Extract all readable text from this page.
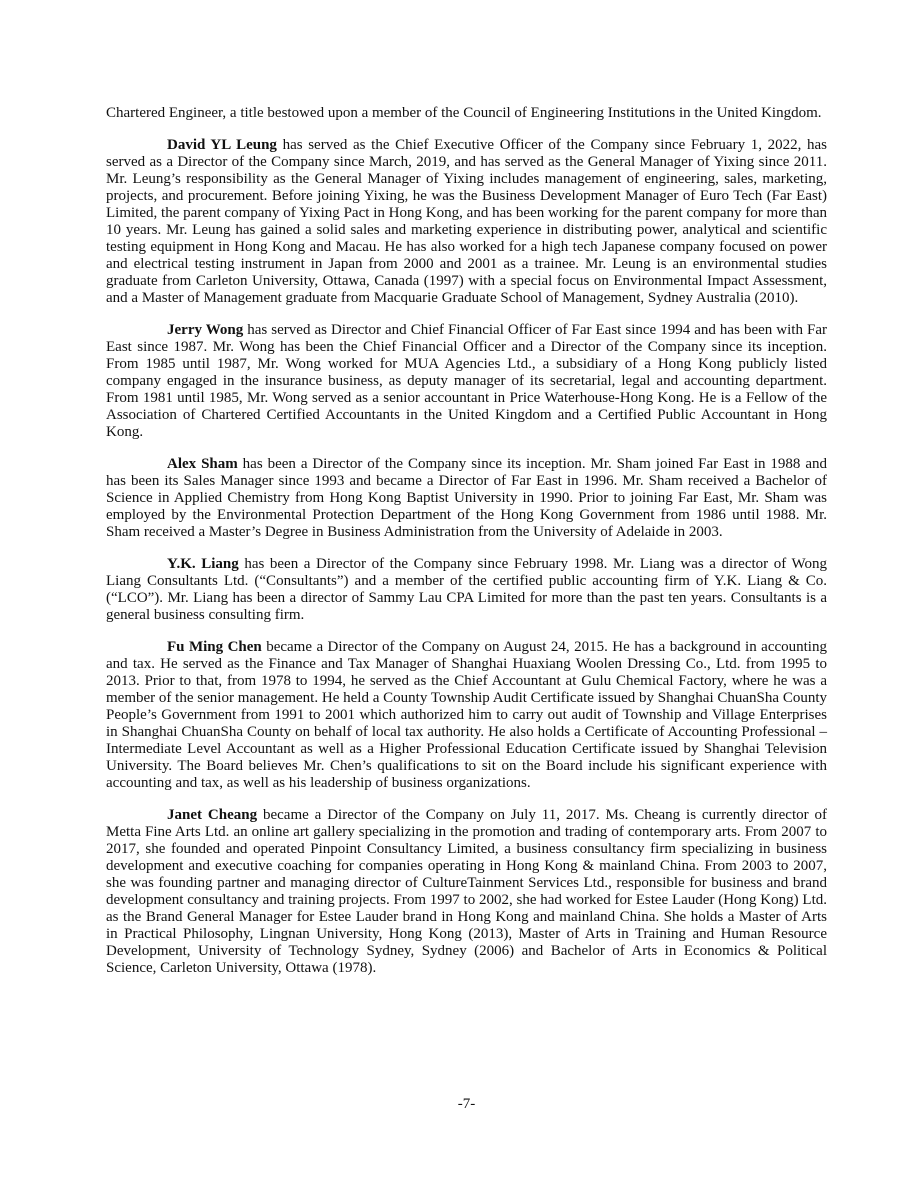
Chartered Engineer, a title bestowed upon a member of the Council of Engineering Institutions in the United Kingdom.

David YL Leung has served as the Chief Executive Officer of the Company since February 1, 2022, has served as a Director of the Company since March, 2019, and has served as the General Manager of Yixing since 2011. Mr. Leung’s responsibility as the General Manager of Yixing includes management of engineering, sales, marketing, projects, and procurement. Before joining Yixing, he was the Business Development Manager of Euro Tech (Far East) Limited, the parent company of Yixing Pact in Hong Kong, and has been working for the parent company for more than 10 years. Mr. Leung has gained a solid sales and marketing experience in distributing power, analytical and scientific testing equipment in Hong Kong and Macau. He has also worked for a high tech Japanese company focused on power and electrical testing instrument in Japan from 2000 and 2001 as a trainee. Mr. Leung is an environmental studies graduate from Carleton University, Ottawa, Canada (1997) with a special focus on Environmental Impact Assessment, and a Master of Management graduate from Macquarie Graduate School of Management, Sydney Australia (2010).

Jerry Wong has served as Director and Chief Financial Officer of Far East since 1994 and has been with Far East since 1987. Mr. Wong has been the Chief Financial Officer and a Director of the Company since its inception. From 1985 until 1987, Mr. Wong worked for MUA Agencies Ltd., a subsidiary of a Hong Kong publicly listed company engaged in the insurance business, as deputy manager of its secretarial, legal and accounting department. From 1981 until 1985, Mr. Wong served as a senior accountant in Price Waterhouse-Hong Kong. He is a Fellow of the Association of Chartered Certified Accountants in the United Kingdom and a Certified Public Accountant in Hong Kong.

Alex Sham has been a Director of the Company since its inception. Mr. Sham joined Far East in 1988 and has been its Sales Manager since 1993 and became a Director of Far East in 1996. Mr. Sham received a Bachelor of Science in Applied Chemistry from Hong Kong Baptist University in 1990. Prior to joining Far East, Mr. Sham was employed by the Environmental Protection Department of the Hong Kong Government from 1986 until 1988. Mr. Sham received a Master’s Degree in Business Administration from the University of Adelaide in 2003.

Y.K. Liang has been a Director of the Company since February 1998. Mr. Liang was a director of Wong Liang Consultants Ltd. (“Consultants”) and a member of the certified public accounting firm of Y.K. Liang & Co. (“LCO”). Mr. Liang has been a director of Sammy Lau CPA Limited for more than the past ten years. Consultants is a general business consulting firm.

Fu Ming Chen became a Director of the Company on August 24, 2015. He has a background in accounting and tax. He served as the Finance and Tax Manager of Shanghai Huaxiang Woolen Dressing Co., Ltd. from 1995 to 2013. Prior to that, from 1978 to 1994, he served as the Chief Accountant at Gulu Chemical Factory, where he was a member of the senior management. He held a County Township Audit Certificate issued by Shanghai ChuanSha County People’s Government from 1991 to 2001 which authorized him to carry out audit of Township and Village Enterprises in Shanghai ChuanSha County on behalf of local tax authority. He also holds a Certificate of Accounting Professional – Intermediate Level Accountant as well as a Higher Professional Education Certificate issued by Shanghai Television University. The Board believes Mr. Chen’s qualifications to sit on the Board include his significant experience with accounting and tax, as well as his leadership of business organizations.

Janet Cheang became a Director of the Company on July 11, 2017. Ms. Cheang is currently director of Metta Fine Arts Ltd. an online art gallery specializing in the promotion and trading of contemporary arts. From 2007 to 2017, she founded and operated Pinpoint Consultancy Limited, a business consultancy firm specializing in business development and executive coaching for companies operating in Hong Kong & mainland China. From 2003 to 2007, she was founding partner and managing director of CultureTainment Services Ltd., responsible for business and brand development consultancy and training projects. From 1997 to 2002, she had worked for Estee Lauder (Hong Kong) Ltd. as the Brand General Manager for Estee Lauder brand in Hong Kong and mainland China. She holds a Master of Arts in Practical Philosophy, Lingnan University, Hong Kong (2013), Master of Arts in Training and Human Resource Development, University of Technology Sydney, Sydney (2006) and Bachelor of Arts in Economics & Political Science, Carleton University, Ottawa (1978).

-7-
